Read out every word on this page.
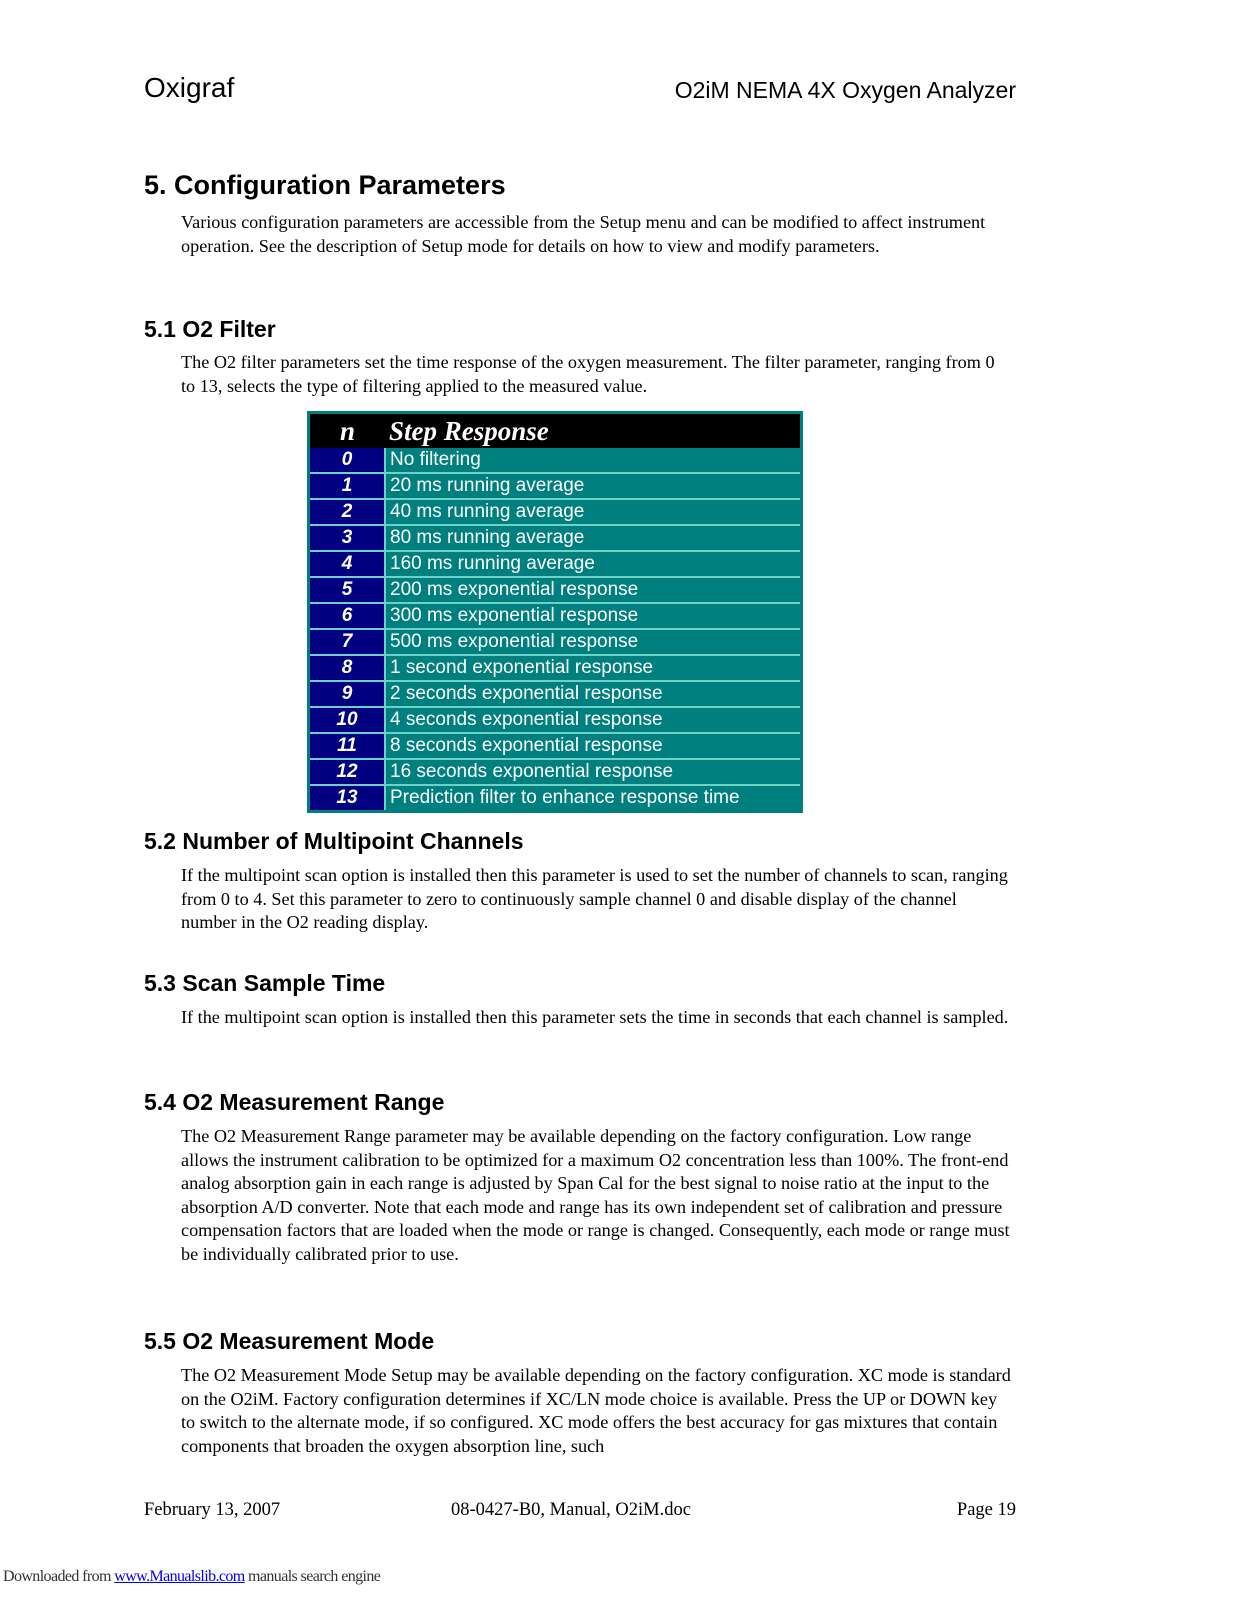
Oxigraf	O2iM NEMA 4X Oxygen Analyzer
5. Configuration Parameters

Various configuration parameters are accessible from the Setup menu and can be modified to affect instrument operation. See the description of Setup mode for details on how to view and modify parameters.

5.1 O2 Filter

The O2 filter parameters set the time response of the oxygen measurement. The filter parameter, ranging from 0 to 13, selects the type of filtering applied to the measured value.

n	Step Response
0	No filtering
1	20 ms running average
2	40 ms running average
3	80 ms running average
4	160 ms running average
5	200 ms exponential response
6	300 ms exponential response
7	500 ms exponential response
8	1 second exponential response
9	2 seconds exponential response
10	4 seconds exponential response
11	8 seconds exponential response
12	16 seconds exponential response
13	Prediction filter to enhance response time
5.2 Number of Multipoint Channels

If the multipoint scan option is installed then this parameter is used to set the number of channels to scan, ranging from 0 to 4. Set this parameter to zero to continuously sample channel 0 and disable display of the channel number in the O2 reading display.

5.3 Scan Sample Time

If the multipoint scan option is installed then this parameter sets the time in seconds that each channel is sampled.

5.4 O2 Measurement Range

The O2 Measurement Range parameter may be available depending on the factory configuration. Low range allows the instrument calibration to be optimized for a maximum O2 concentration less than 100%. The front-end analog absorption gain in each range is adjusted by Span Cal for the best signal to noise ratio at the input to the absorption A/D converter. Note that each mode and range has its own independent set of calibration and pressure compensation factors that are loaded when the mode or range is changed. Consequently, each mode or range must be individually calibrated prior to use.

5.5 O2 Measurement Mode

The O2 Measurement Mode Setup may be available depending on the factory configuration. XC mode is standard on the O2iM. Factory configuration determines if XC/LN mode choice is available. Press the UP or DOWN key to switch to the alternate mode, if so configured. XC mode offers the best accuracy for gas mixtures that contain components that broaden the oxygen absorption line, such

February 13, 2007	08-0427-B0, Manual, O2iM.doc	Page 19
Downloaded from www.Manualslib.com manuals search engine
